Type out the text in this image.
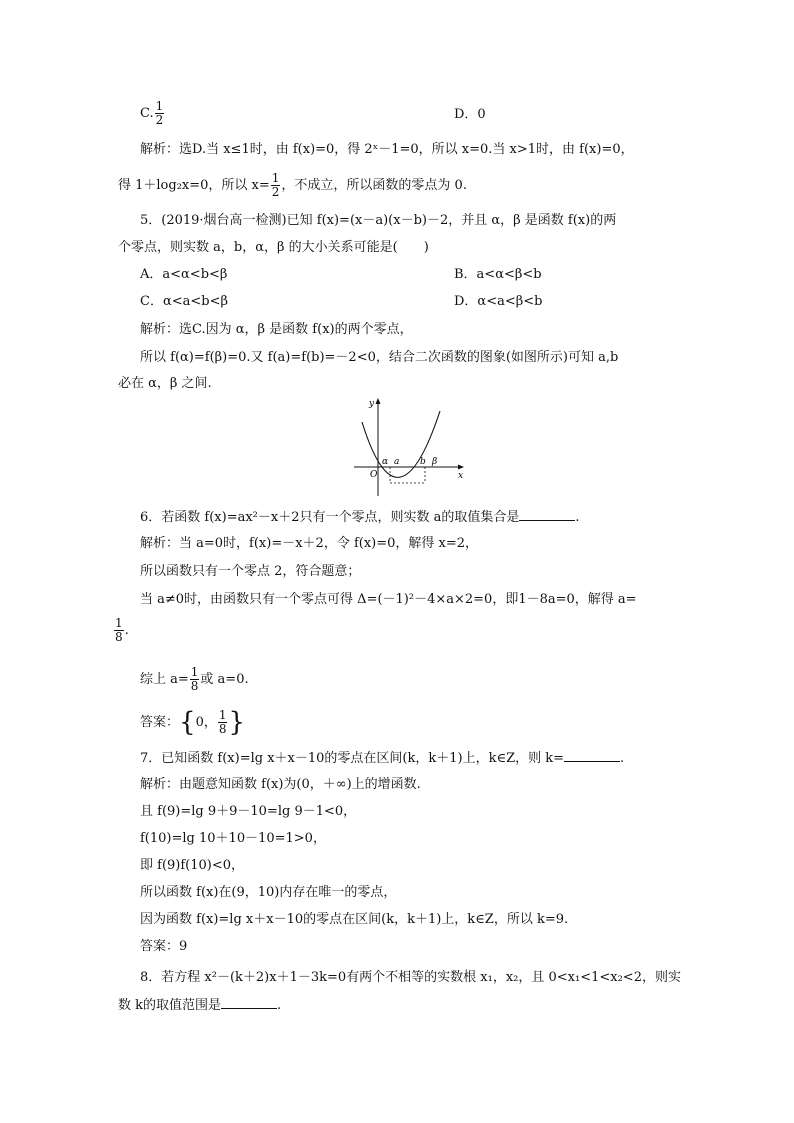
C. $\frac{1}{2}$	D．0
解析：选D.当 x≤1时，由 f(x)=0，得 2ˣ－1=0，所以 x=0.当 x>1时，由 f(x)=0，
得 1＋log₂x=0，所以 $x= \frac{1}{2}$ ，不成立，所以函数的零点为 0.
5．(2019·烟台高一检测)已知 f(x)=(x－a)(x－b)－2，并且 α，β 是函数 f(x)的两
个零点，则实数 a，b，α，β 的大小关系可能是(　　)
A．a<α<b<β	B．a<α<β<b
C．α<a<b<β	D．α<a<β<b
解析：选C.因为 α，β 是函数 f(x)的两个零点，
所以 f(α)=f(β)=0.又 f(a)=f(b)=－2<0，结合二次函数的图象(如图所示)可知 a,b
必在 α，β 之间.
y
x
O
α a b β
6．若函数 f(x)=ax²－x＋2只有一个零点，则实数 a的取值集合是	.
解析：当 a=0时，f(x)=－x＋2，令 f(x)=0，解得 x=2，
所以函数只有一个零点 2，符合题意；
当 a≠0时，由函数只有一个零点可得 Δ=(－1)²－4×a×2=0，即1－8a=0，解得 a=
$\frac{1}{8}$ .
综上 $a= \frac{1}{8}$ 或 a=0.
答案：{0， $\frac{1}{8}$ }
7．已知函数 f(x)=lg x＋x－10的零点在区间(k，k＋1)上，k∈Z，则 k=	.
解析：由题意知函数 f(x)为(0，＋∞)上的增函数.
且 f(9)=lg 9＋9－10=lg 9－1<0，
f(10)=lg 10＋10－10=1>0，
即 f(9)f(10)<0，
所以函数 f(x)在(9，10)内存在唯一的零点，
因为函数 f(x)=lg x＋x－10的零点在区间(k，k＋1)上，k∈Z，所以 k=9.
答案：9
8．若方程 x²－(k＋2)x＋1－3k=0有两个不相等的实数根 x₁，x₂，且 0<x₁<1<x₂<2，则实
数 k的取值范围是	.
